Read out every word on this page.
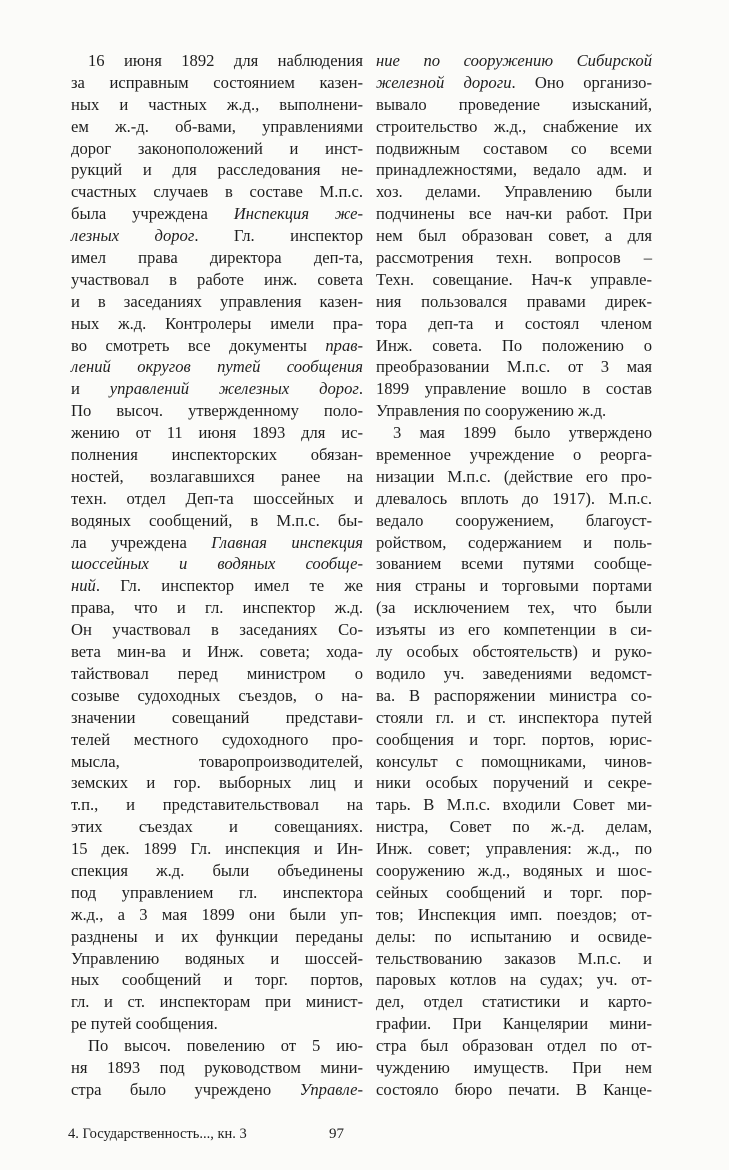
16 июня 1892 для наблюдения
за исправным состоянием казен-
ных и частных ж.д., выполнени-
ем ж.-д. об-вами, управлениями
дорог законоположений и инст-
рукций и для расследования не-
счастных случаев в составе М.п.с.
была учреждена Инспекция же-
лезных дорог. Гл. инспектор
имел права директора деп-та,
участвовал в работе инж. совета
и в заседаниях управления казен-
ных ж.д. Контролеры имели пра-
во смотреть все документы прав-
лений округов путей сообщения
и управлений железных дорог.
По высоч. утвержденному поло-
жению от 11 июня 1893 для ис-
полнения инспекторских обязан-
ностей, возлагавшихся ранее на
техн. отдел Деп-та шоссейных и
водяных сообщений, в М.п.с. бы-
ла учреждена Главная инспекция
шоссейных и водяных сообще-
ний. Гл. инспектор имел те же
права, что и гл. инспектор ж.д.
Он участвовал в заседаниях Со-
вета мин-ва и Инж. совета; хода-
тайствовал перед министром о
созыве судоходных съездов, о на-
значении совещаний представи-
телей местного судоходного про-
мысла, товаропроизводителей,
земских и гор. выборных лиц и
т.п., и представительствовал на
этих съездах и совещаниях.
15 дек. 1899 Гл. инспекция и Ин-
спекция ж.д. были объединены
под управлением гл. инспектора
ж.д., а 3 мая 1899 они были уп-
разднены и их функции переданы
Управлению водяных и шоссей-
ных сообщений и торг. портов,
гл. и ст. инспекторам при минист-
ре путей сообщения.
По высоч. повелению от 5 ию-
ня 1893 под руководством мини-
стра было учреждено Управле-
ние по сооружению Сибирской
железной дороги. Оно организо-
вывало проведение изысканий,
строительство ж.д., снабжение их
подвижным составом со всеми
принадлежностями, ведало адм. и
хоз. делами. Управлению были
подчинены все нач-ки работ. При
нем был образован совет, а для
рассмотрения техн. вопросов –
Техн. совещание. Нач-к управле-
ния пользовался правами дирек-
тора деп-та и состоял членом
Инж. совета. По положению о
преобразовании М.п.с. от 3 мая
1899 управление вошло в состав
Управления по сооружению ж.д.
3 мая 1899 было утверждено
временное учреждение о реорга-
низации М.п.с. (действие его про-
длевалось вплоть до 1917). М.п.с.
ведало сооружением, благоуст-
ройством, содержанием и поль-
зованием всеми путями сообще-
ния страны и торговыми портами
(за исключением тех, что были
изъяты из его компетенции в си-
лу особых обстоятельств) и руко-
водило уч. заведениями ведомст-
ва. В распоряжении министра со-
стояли гл. и ст. инспектора путей
сообщения и торг. портов, юрис-
консульт с помощниками, чинов-
ники особых поручений и секре-
тарь. В М.п.с. входили Совет ми-
нистра, Совет по ж.-д. делам,
Инж. совет; управления: ж.д., по
сооружению ж.д., водяных и шос-
сейных сообщений и торг. пор-
тов; Инспекция имп. поездов; от-
делы: по испытанию и освиде-
тельствованию заказов М.п.с. и
паровых котлов на судах; уч. от-
дел, отдел статистики и карто-
графии. При Канцелярии мини-
стра был образован отдел по от-
чуждению имуществ. При нем
состояло бюро печати. В Канце-
4. Государственность..., кн. 3	97
